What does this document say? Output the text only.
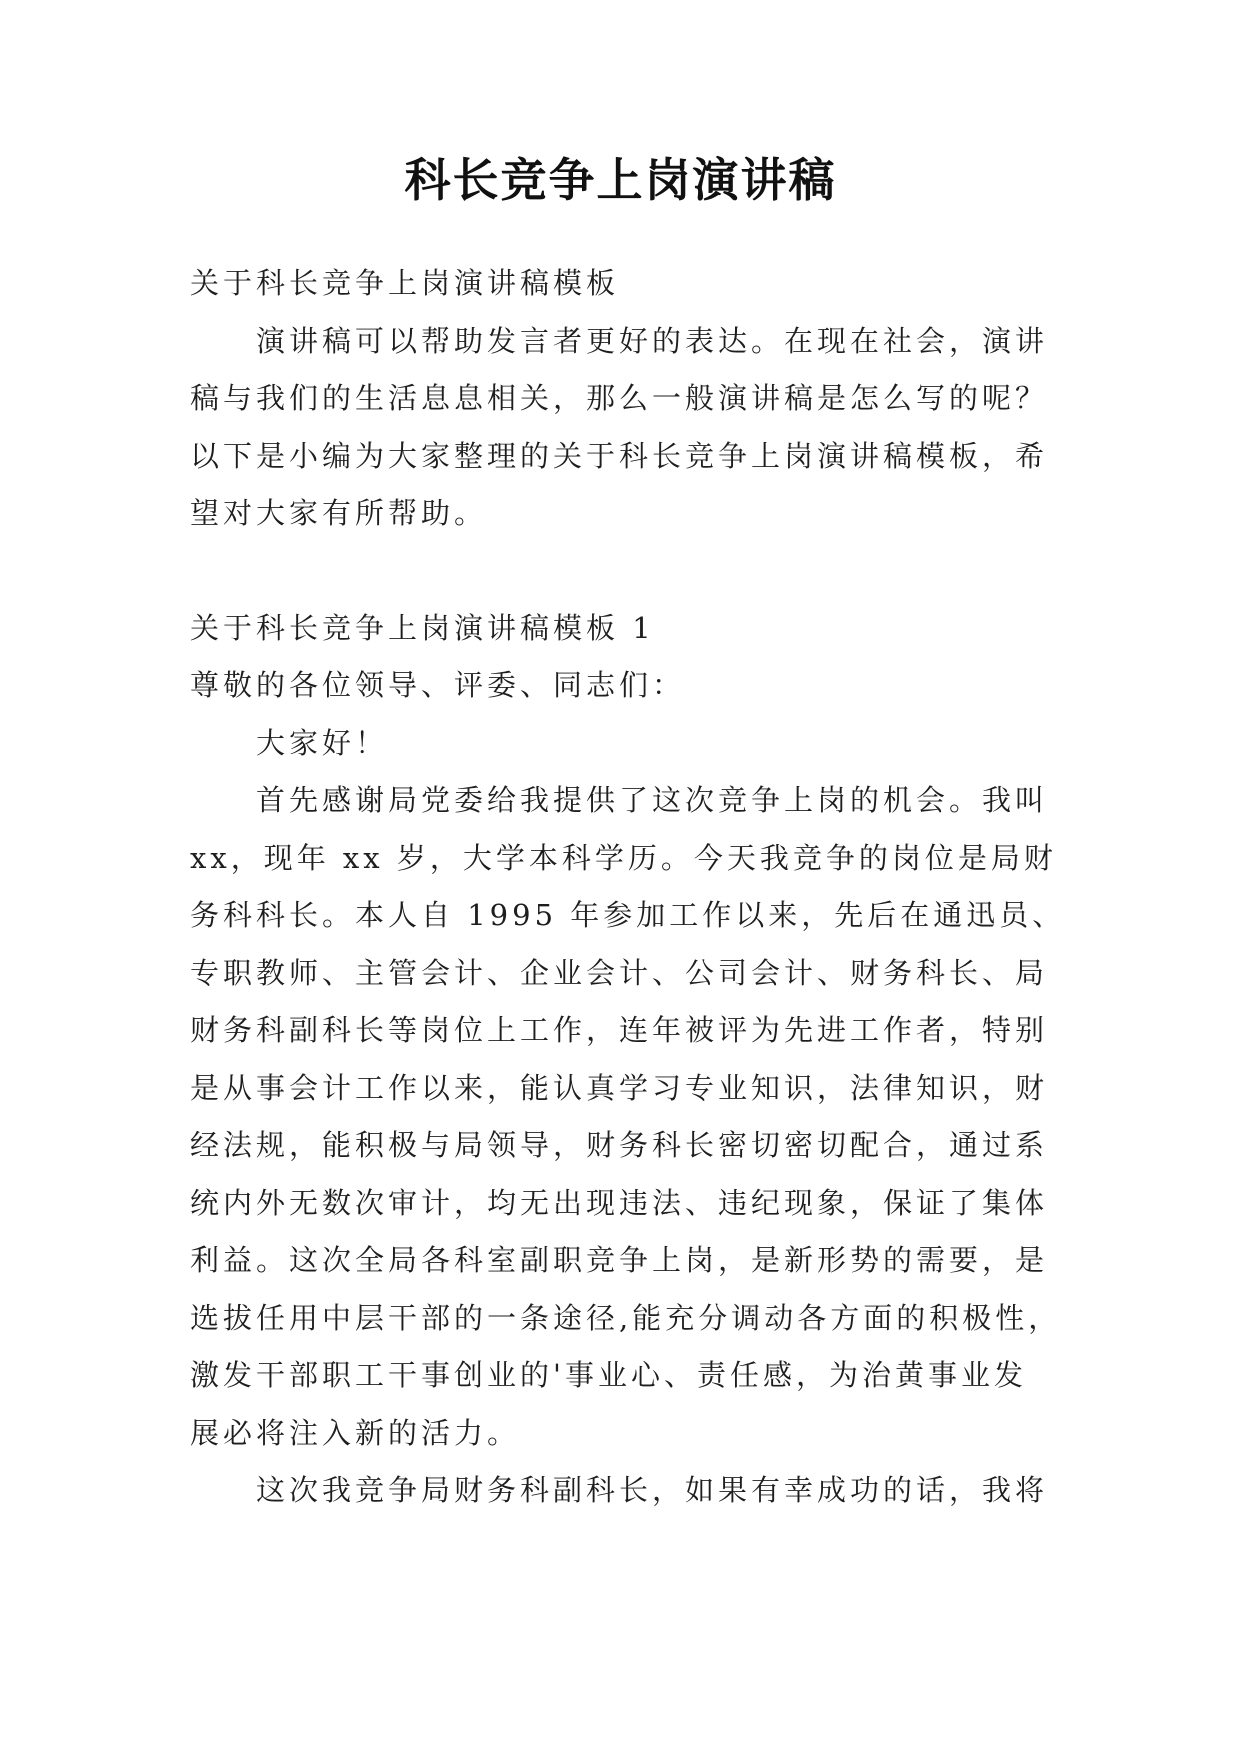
科长竞争上岗演讲稿
关于科长竞争上岗演讲稿模板
演讲稿可以帮助发言者更好的表达。在现在社会，演讲
稿与我们的生活息息相关，那么一般演讲稿是怎么写的呢？
以下是小编为大家整理的关于科长竞争上岗演讲稿模板，希
望对大家有所帮助。
关于科长竞争上岗演讲稿模板 1
尊敬的各位领导、评委、同志们：
大家好！
首先感谢局党委给我提供了这次竞争上岗的机会。我叫
xx，现年 xx 岁，大学本科学历。今天我竞争的岗位是局财
务科科长。本人自 1995 年参加工作以来，先后在通迅员、
专职教师、主管会计、企业会计、公司会计、财务科长、局
财务科副科长等岗位上工作，连年被评为先进工作者，特别
是从事会计工作以来，能认真学习专业知识，法律知识，财
经法规，能积极与局领导，财务科长密切密切配合，通过系
统内外无数次审计，均无出现违法、违纪现象，保证了集体
利益。这次全局各科室副职竞争上岗，是新形势的需要，是
选拔任用中层干部的一条途径,能充分调动各方面的积极性，
激发干部职工干事创业的'事业心、责任感，为治黄事业发
展必将注入新的活力。
这次我竞争局财务科副科长，如果有幸成功的话，我将
